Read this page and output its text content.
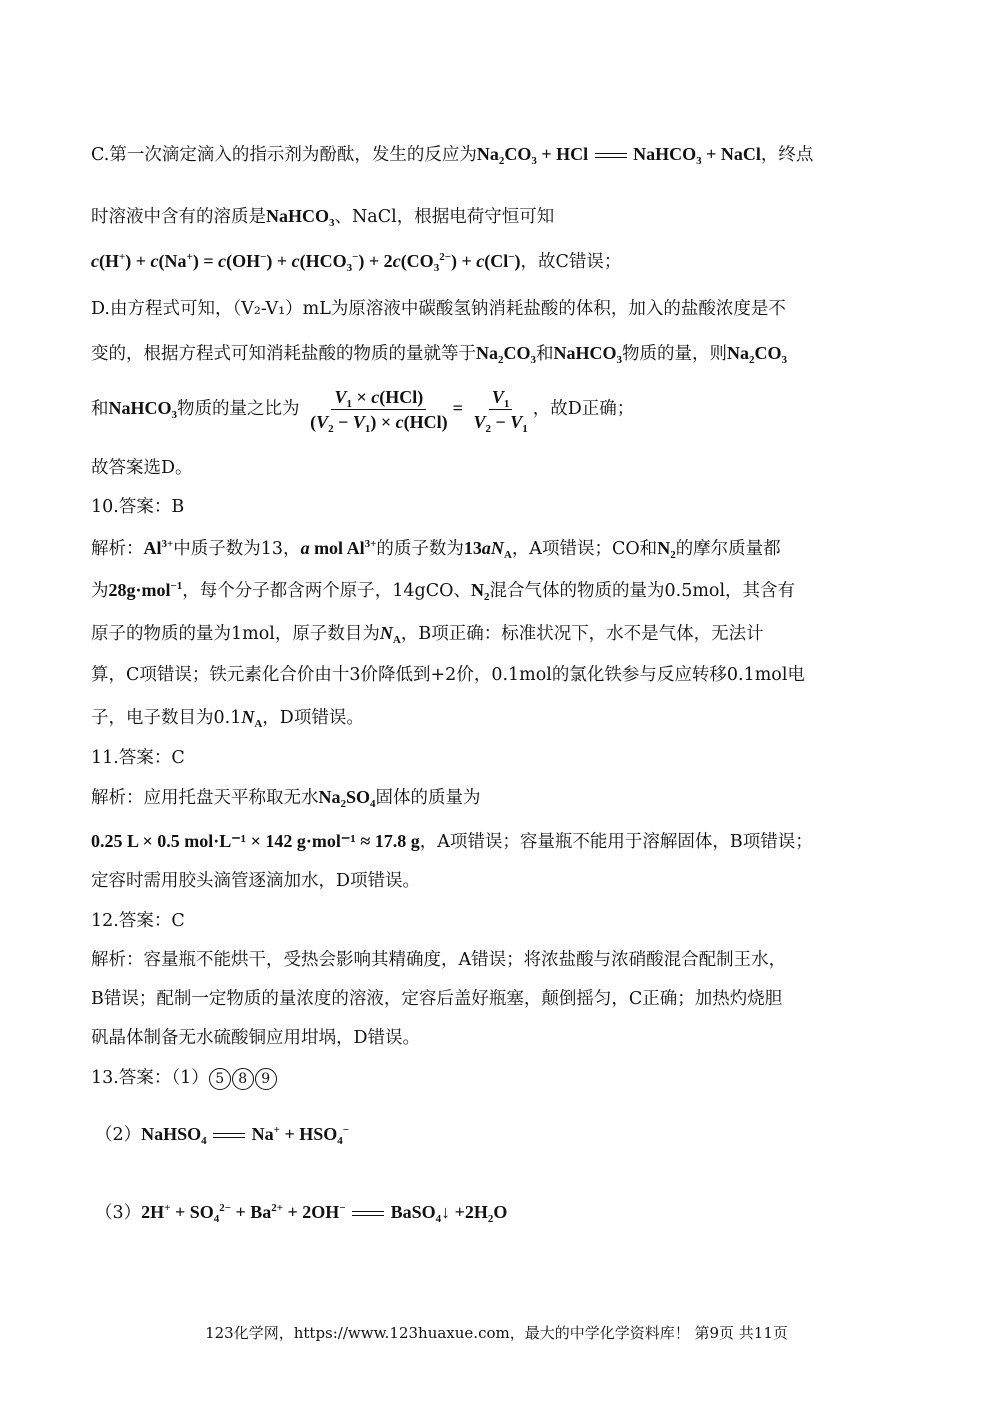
C.第一次滴定滴入的指示剂为酚酞，发生的反应为$Na_2CO_3$ + HCl	NaHCO$_3$ + NaCl，终点
时溶液中含有的溶质是NaHCO$_3$、NaCl，根据电荷守恒可知
$c(H^+) + c(Na^+) = c(OH^-) + c(HCO_3^-) + 2c(CO_3^{2-}) + c(Cl^-)$，故C错误；
D.由方程式可知，（V₂-V₁）mL为原溶液中碳酸氢钠消耗盐酸的体积，加入的盐酸浓度是不
变的，根据方程式可知消耗盐酸的物质的量就等于$Na_2CO_3$和NaHCO$_3$物质的量，则$Na_2CO_3$
和NaHCO$_3$物质的量之比为 $\frac{V_1 \times c(HCl)}{(V_2 - V_1) \times c(HCl)} = \frac{V_1}{V_2 - V_1}$ ，故D正确；
故答案选D。
10.答案：B
解析：$Al^{3+}$中质子数为13，a mol $Al^{3+}$的质子数为$13aN_A$，A项错误；CO和$N_2$的摩尔质量都
为28g·mol$^{-1}$，每个分子都含两个原子，14gCO、$N_2$混合气体的物质的量为0.5mol，其含有
原子的物质的量为1mol，原子数目为$N_A$，B项正确：标准状况下，水不是气体，无法计
算，C项错误；铁元素化合价由十3价降低到+2价，0.1mol的氯化铁参与反应转移0.1mol电
子，电子数目为$0.1N_A$，D项错误。
11.答案：C
解析：应用托盘天平称取无水$Na_2SO_4$固体的质量为
0.25 L × 0.5 mol·L⁻¹ × 142 g·mol⁻¹ ≈ 17.8 g，A项错误；容量瓶不能用于溶解固体，B项错误；
定容时需用胶头滴管逐滴加水，D项错误。
12.答案：C
解析：容量瓶不能烘干，受热会影响其精确度，A错误；将浓盐酸与浓硝酸混合配制王水，
B错误；配制一定物质的量浓度的溶液，定容后盖好瓶塞，颠倒摇匀，C正确；加热灼烧胆
矾晶体制备无水硫酸铜应用坩埚，D错误。
13.答案：（1） 5 8 9
（2）NaHSO$_4$  $Na^+ + HSO_4^-$
$(3)2H^+ + SO_4^{2-} + Ba^{2+} + 2OH^-$  BaSO$_4$↓ $+2H_2O$
123化学网，https://www.123huaxue.com，最大的中学化学资料库！ 第9页 共11页
